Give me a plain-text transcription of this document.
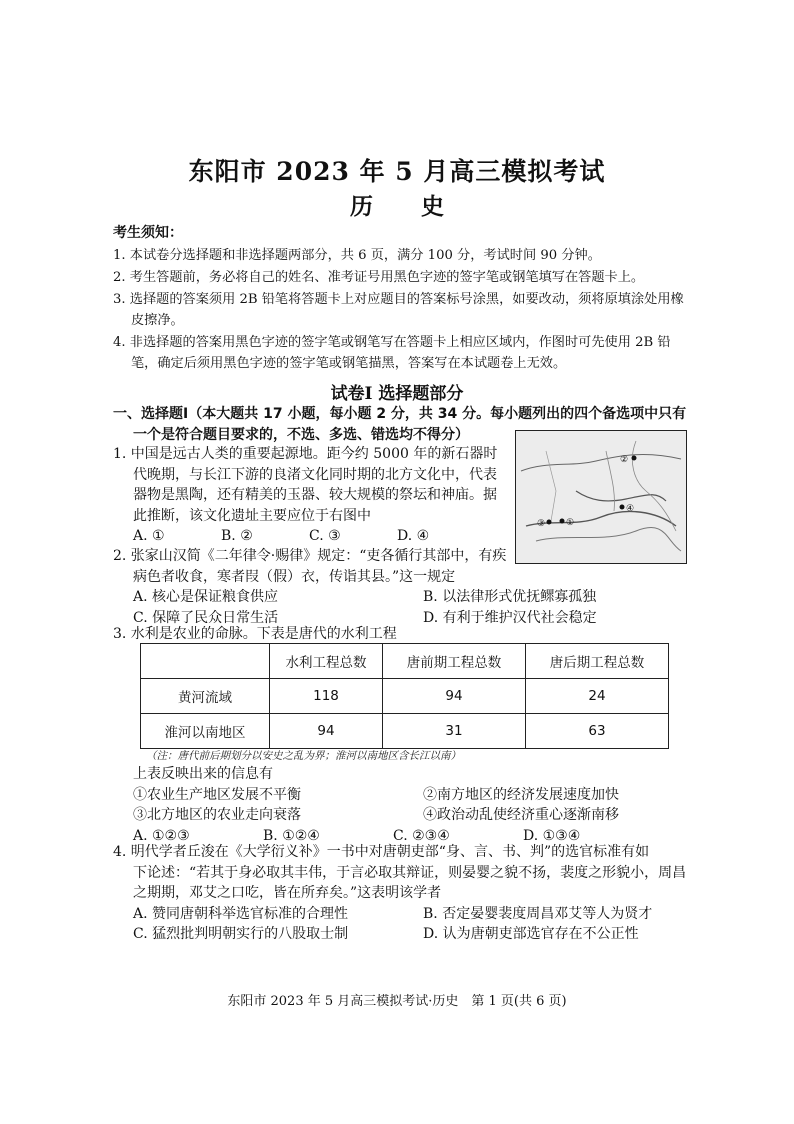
东阳市 2023 年 5 月高三模拟考试
历 史
考生须知：
1. 本试卷分选择题和非选择题两部分，共 6 页，满分 100 分，考试时间 90 分钟。
2. 考生答题前，务必将自己的姓名、准考证号用黑色字迹的签字笔或钢笔填写在答题卡上。
3. 选择题的答案须用 2B 铅笔将答题卡上对应题目的答案标号涂黑，如要改动，须将原填涂处用橡皮擦净。
4. 非选择题的答案用黑色字迹的签字笔或钢笔写在答题卡上相应区域内，作图时可先使用 2B 铅笔，确定后须用黑色字迹的签字笔或钢笔描黑，答案写在本试题卷上无效。
试卷Ⅰ 选择题部分
一、选择题Ⅰ（本大题共 17 小题，每小题 2 分，共 34 分。每小题列出的四个备选项中只有
一个是符合题目要求的，不选、多选、错选均不得分）
1. 中国是远古人类的重要起源地。距今约 5000 年的新石器时代晚期，与长江下游的良渚文化同时期的北方文化中，代表器物是黑陶，还有精美的玉器、较大规模的祭坛和神庙。据此推断，该文化遗址主要应位于右图中
A. ①	B. ②	C. ③	D. ④
②
④
③ ①
2. 张家山汉简《二年律令·赐律》规定：“吏各循行其部中，有疾病色者收食，寒者叚（假）衣，传诣其县。”这一规定
A. 核心是保证粮食供应	B. 以法律形式优抚鳏寡孤独
C. 保障了民众日常生活	D. 有利于维护汉代社会稳定
3. 水利是农业的命脉。下表是唐代的水利工程
	水利工程总数	唐前期工程总数	唐后期工程总数
黄河流域	118	94	24
淮河以南地区	94	31	63
（注：唐代前后期划分以安史之乱为界；淮河以南地区含长江以南）
上表反映出来的信息有
①农业生产地区发展不平衡	②南方地区的经济发展速度加快
③北方地区的农业走向衰落	④政治动乱使经济重心逐渐南移
A. ①②③	B. ①②④	C. ②③④	D. ①③④
4. 明代学者丘浚在《大学衍义补》一书中对唐朝吏部“身、言、书、判”的选官标准有如
下论述：“若其于身必取其丰伟，于言必取其辩证，则晏婴之貌不扬，裴度之形貌小，周昌之期期，邓艾之口吃，皆在所弃矣。”这表明该学者
A. 赞同唐朝科举选官标准的合理性	B. 否定晏婴裴度周昌邓艾等人为贤才
C. 猛烈批判明朝实行的八股取士制	D. 认为唐朝吏部选官存在不公正性
东阳市 2023 年 5 月高三模拟考试·历史　第 1 页(共 6 页)
